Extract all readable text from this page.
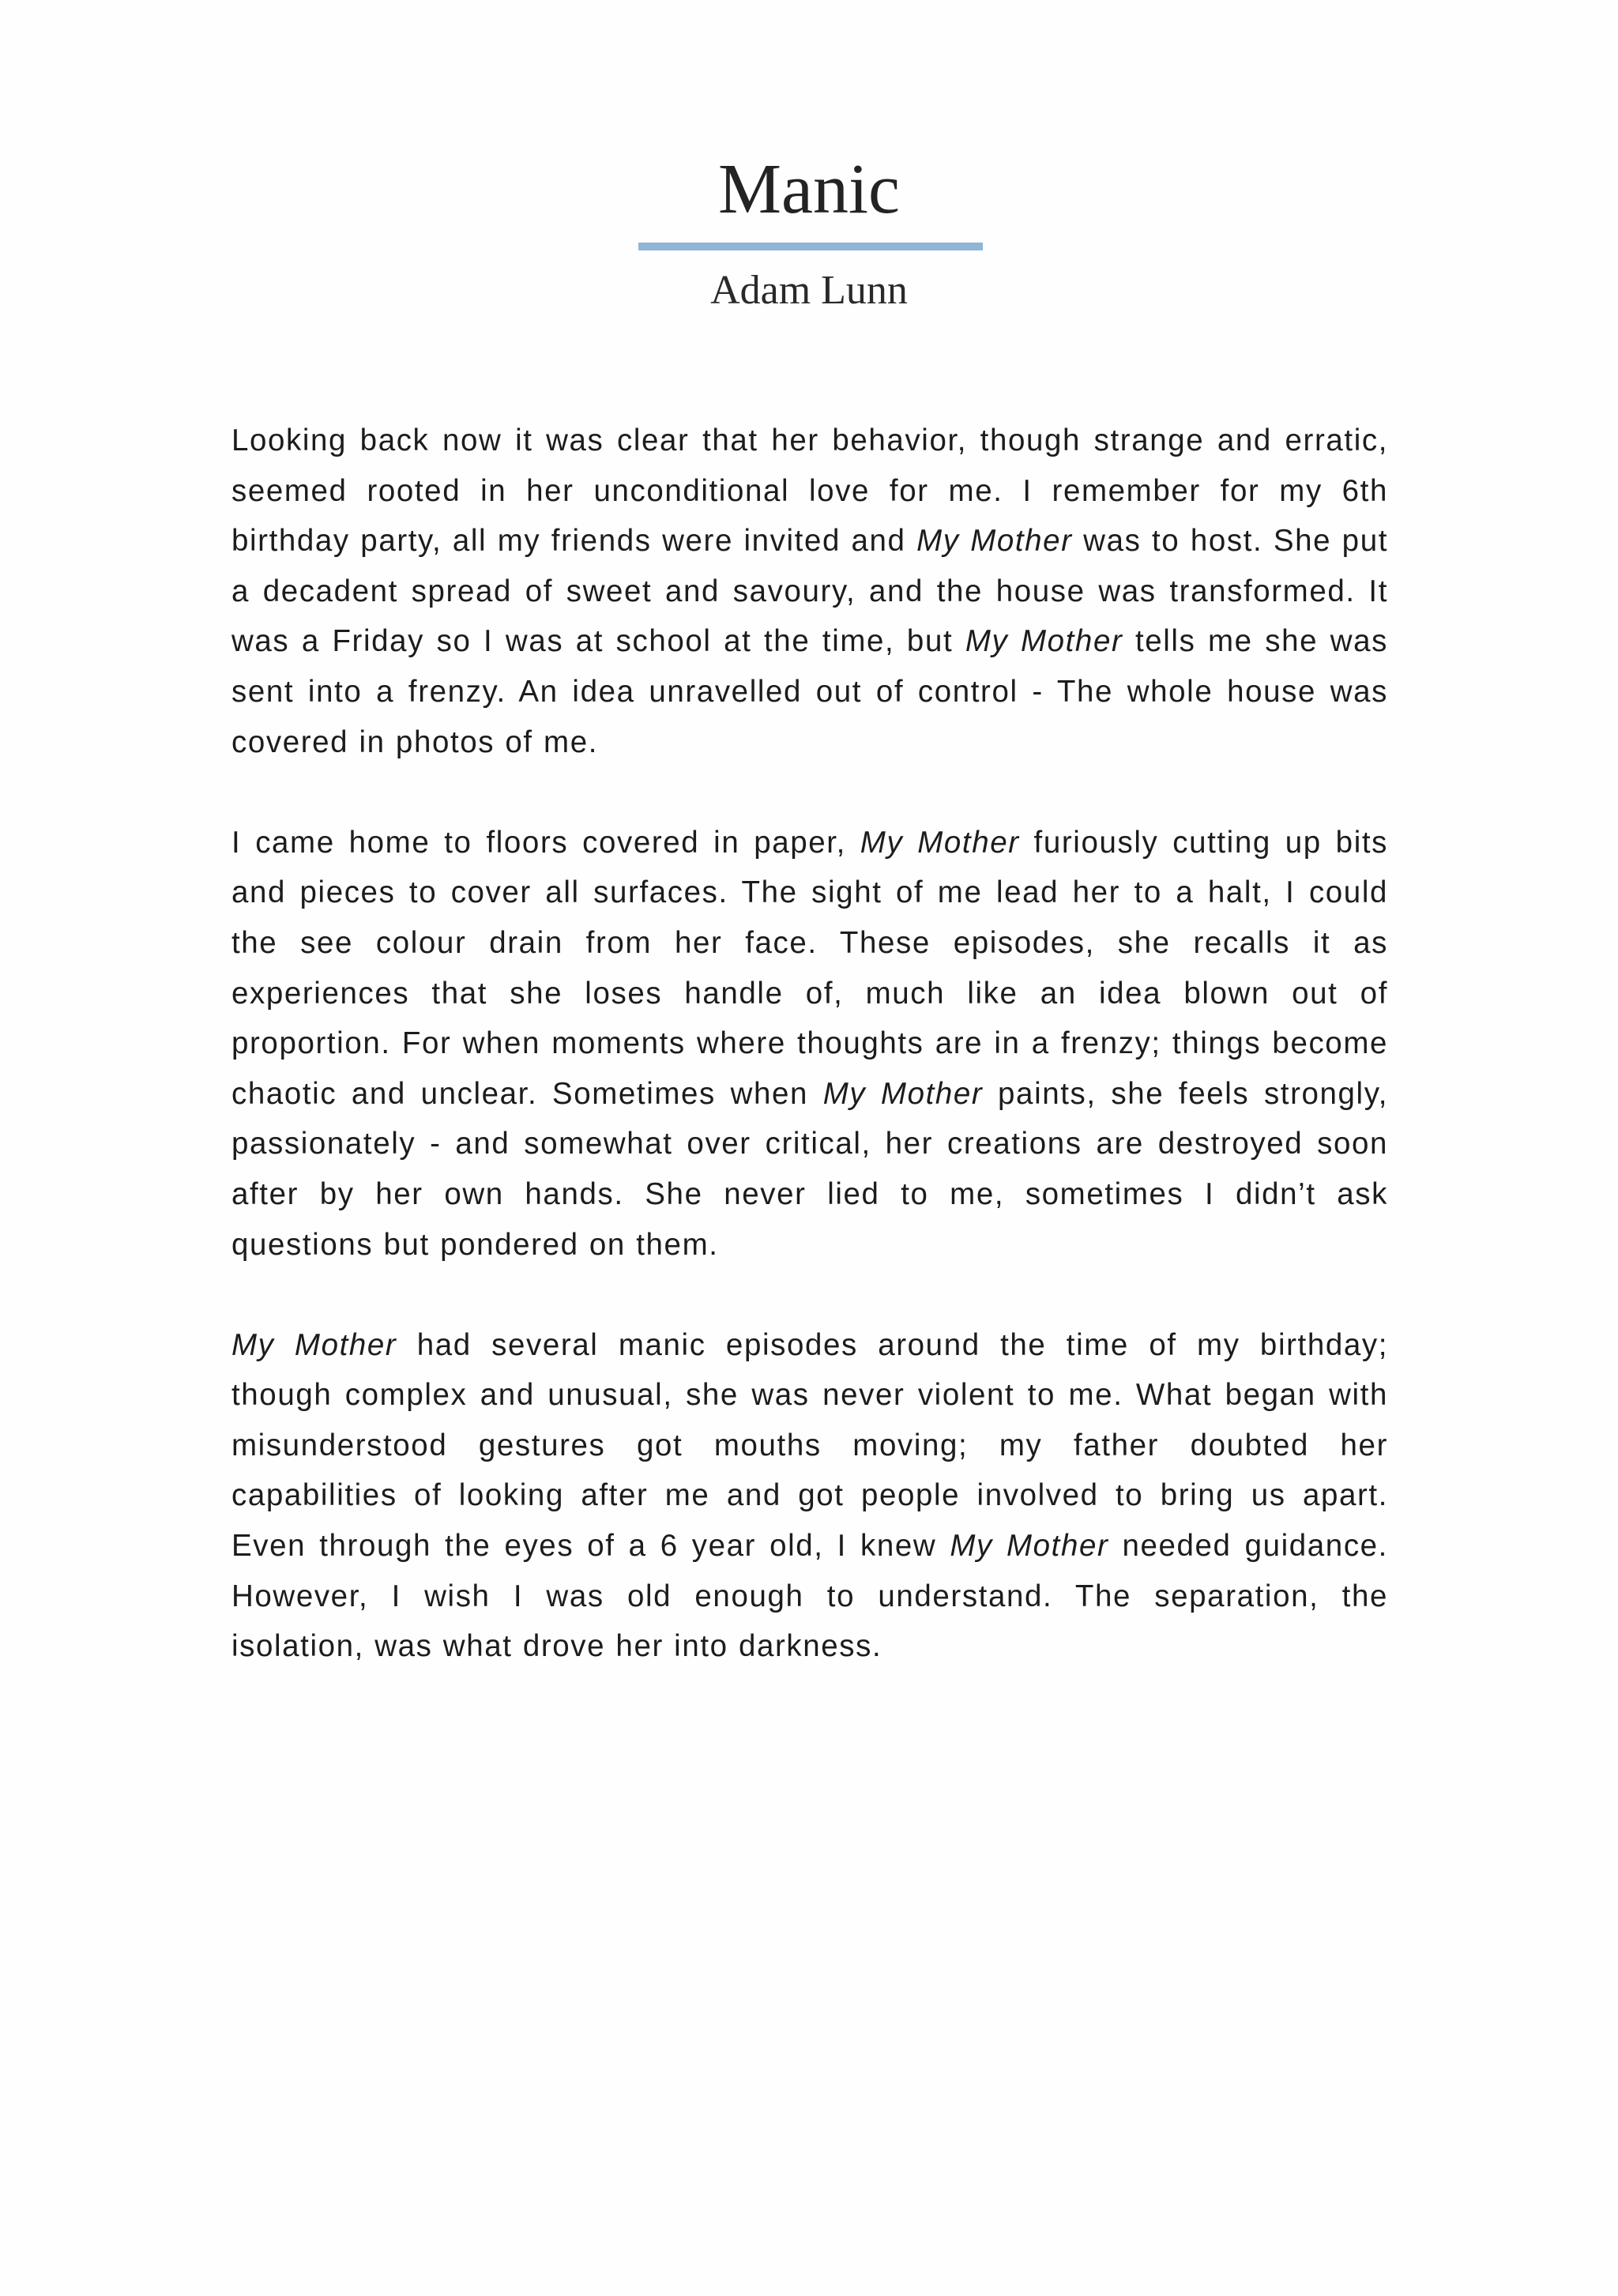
Manic

Adam Lunn

Looking back now it was clear that her behavior, though strange and erratic, seemed rooted in her unconditional love for me. I remember for my 6th birthday party, all my friends were invited and My Mother was to host. She put a decadent spread of sweet and savoury, and the house was transformed. It was a Friday so I was at school at the time, but My Mother tells me she was sent into a frenzy. An idea unravelled out of control - The whole house was covered in photos of me.

I came home to floors covered in paper, My Mother furiously cutting up bits and pieces to cover all surfaces. The sight of me lead her to a halt, I could the see colour drain from her face. These episodes, she recalls it as experiences that she loses handle of, much like an idea blown out of proportion. For when moments where thoughts are in a frenzy; things become chaotic and unclear. Sometimes when My Mother paints, she feels strongly, passionately - and somewhat over critical, her creations are destroyed soon after by her own hands. She never lied to me, sometimes I didn’t ask questions but pondered on them.

My Mother had several manic episodes around the time of my birthday; though complex and unusual, she was never violent to me. What began with misunderstood gestures got mouths moving; my father doubted her capabilities of looking after me and got people involved to bring us apart. Even through the eyes of a 6 year old, I knew My Mother needed guidance. However, I wish I was old enough to understand. The separation, the isolation, was what drove her into darkness.
